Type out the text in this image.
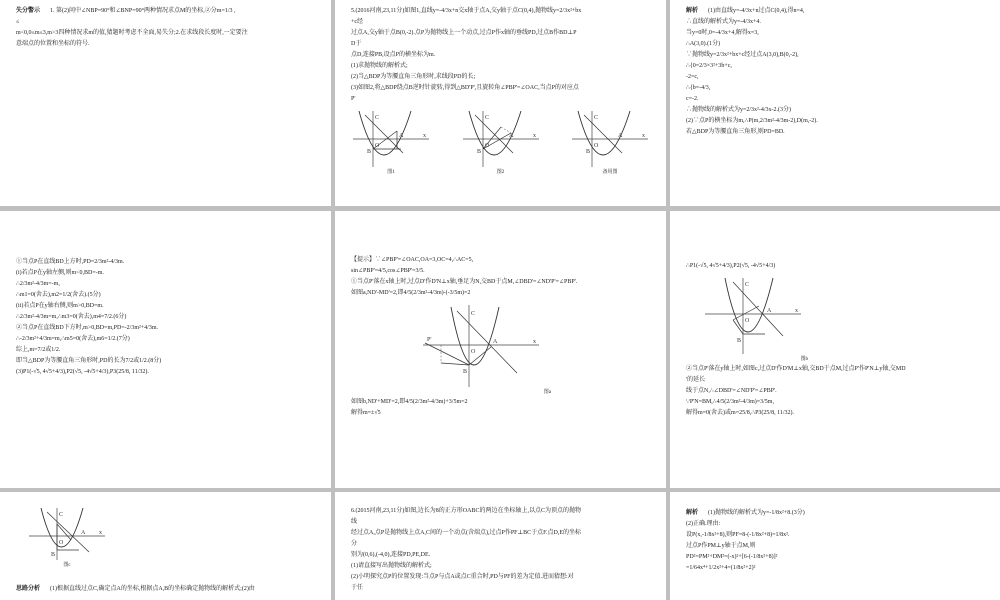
失分警示 1. 第(2)问中∠NBP=90°和∠BNP=90°两种情况求点M的坐标,②分m=1/3 ,

≤

m<0,0≤m≤3,m>3四种情况求m的值,猜题时考虑不全面,易失分;2.在求线段长度时,一定要注

意端点的位置和坐标的符号.

5.(2016河南,23,11分)如图1,直线y=-4/3x+n交x轴于点A,交y轴于点C(0,4),抛物线y=2/3x²+bx

+c经

过点A,交y轴于点B(0,-2).点P为抛物线上一个动点,过点P作x轴的垂线PD,过点B作BD⊥P

D于

点D,连接PB,设点P的横坐标为m.

(1)求抛物线的解析式;

(2)当△BDP为等腰直角三角形时,求线段PD的长;

(3)如图2,将△BDP绕点B逆时针旋转,得到△BD'P',且旋转角∠PBP'=∠OAC,当点P的对应点

P'

C
O
B
A	x
图1
C
O
B
A	x
图2
C
O
B
A	x
备用图

解析 (1)由直线y=-4/3x+n过点C(0,4),得n=4,

∴直线的解析式为y=-4/3x+4.

当y=0时,0=-4/3x+4,解得x=3,

∴A(3,0).(1分)

∵抛物线y=2/3x²+bx+c经过点A(3,0),B(0,-2),

∴{0=2/3×3²+3b+c,

-2=c,

∴{b=-4/3,

c=-2.

∴抛物线的解析式为y=2/3x²-4/3x-2.(3分)

(2)∵点P的横坐标为m,∴P(m,2/3m²-4/3m-2),D(m,-2).

若△BDP为等腰直角三角形,则PD=BD.

①当点P在直线BD上方时,PD=2/3m²-4/3m.

(i)若点P在y轴左侧,则m<0,BD=-m.

∴2/3m²-4/3m=-m,

∴m1=0(舍去),m2=1/2(舍去).(5分)

(ii)若点P在y轴右侧,则m>0,BD=m.

∴2/3m²-4/3m=m,∴m3=0(舍去),m4=7/2.(6分)

②当点P在直线BD下方时,m>0,BD=m,PD=-2/3m²+4/3m.

∴-2/3m²+4/3m=m,∴m5=0(舍去),m6=1/2.(7分)

综上,m=7/2或1/2.

即当△BDP为等腰直角三角形时,PD的长为7/2或1/2.(8分)

(3)P1(-√5, 4√5+4/3),P2(√5, -4√5+4/3),P3(25/8, 11/32).

【提示】∵∠PBP'=∠OAC,OA=3,OC=4,∴AC=5,

sin∠PBP'=4/5,cos∠PBP'=3/5.

①当点P'落在x轴上时,过点D'作D'N⊥x轴,垂足为N,交BD于点M,∠DBD'=∠ND'P'=∠PBP'.

如图a,ND'-MD'=2,即4/5(2/3m²-4/3m)-(-3/5m)=2

C
O
B
P'	A	x
图a

如图b,ND'+MD'=2,即4/5(2/3m²-4/3m)+3/5m=2

解得m=±√5

∴P1(-√5, 4√5+4/3),P2(√5, -4√5+4/3)

C
O
B
A	x
图b

②当点P'落在y轴上时,如图c,过点D'作D'M⊥x轴,交BD于点M,过点P'作P'N⊥y轴,交MD

'的延长

线于点N,∴∠DBD'=∠ND'P'=∠PBP'.

∵P'N=BM,∴4/5(2/3m²-4/3m)=3/5m,

解得m=0(舍去)或m=25/8,∴P3(25/8, 11/32).

C
O
B
A x
图c

思路分析 (1)根据直线过点C,确定点A的坐标,根据点A,B的坐标确定抛物线的解析式;(2)由

6.(2015河南,23,11分)如图,边长为8的正方形OABC的两边在坐标轴上,以点C为顶点的抛物

线

经过点A,点P是抛物线上点A,C间的一个动点(含端点),过点P作PF⊥BC于点F.点D,E的坐标

分

别为(0,6),(-4,0),连接PD,PE,DE.

(1)请直接写出抛物线的解析式;

(2)小明探究点P的位置发现:当点P与点A或点C重合时,PD与PF的差为定值.进而猜想:对

于任

解析 (1)抛物线的解析式为y=-1/8x²+8.(3分)

(2)正确.理由:

设P(x,-1/8x²+8),则PF=8-(-1/8x²+8)=1/8x².

过点P作PM⊥y轴于点M,则

PD²=PM²+DM²=(-x)²+[6-(-1/8x²+8)]²

=1/64x⁴+1/2x²+4=(1/8x²+2)²
